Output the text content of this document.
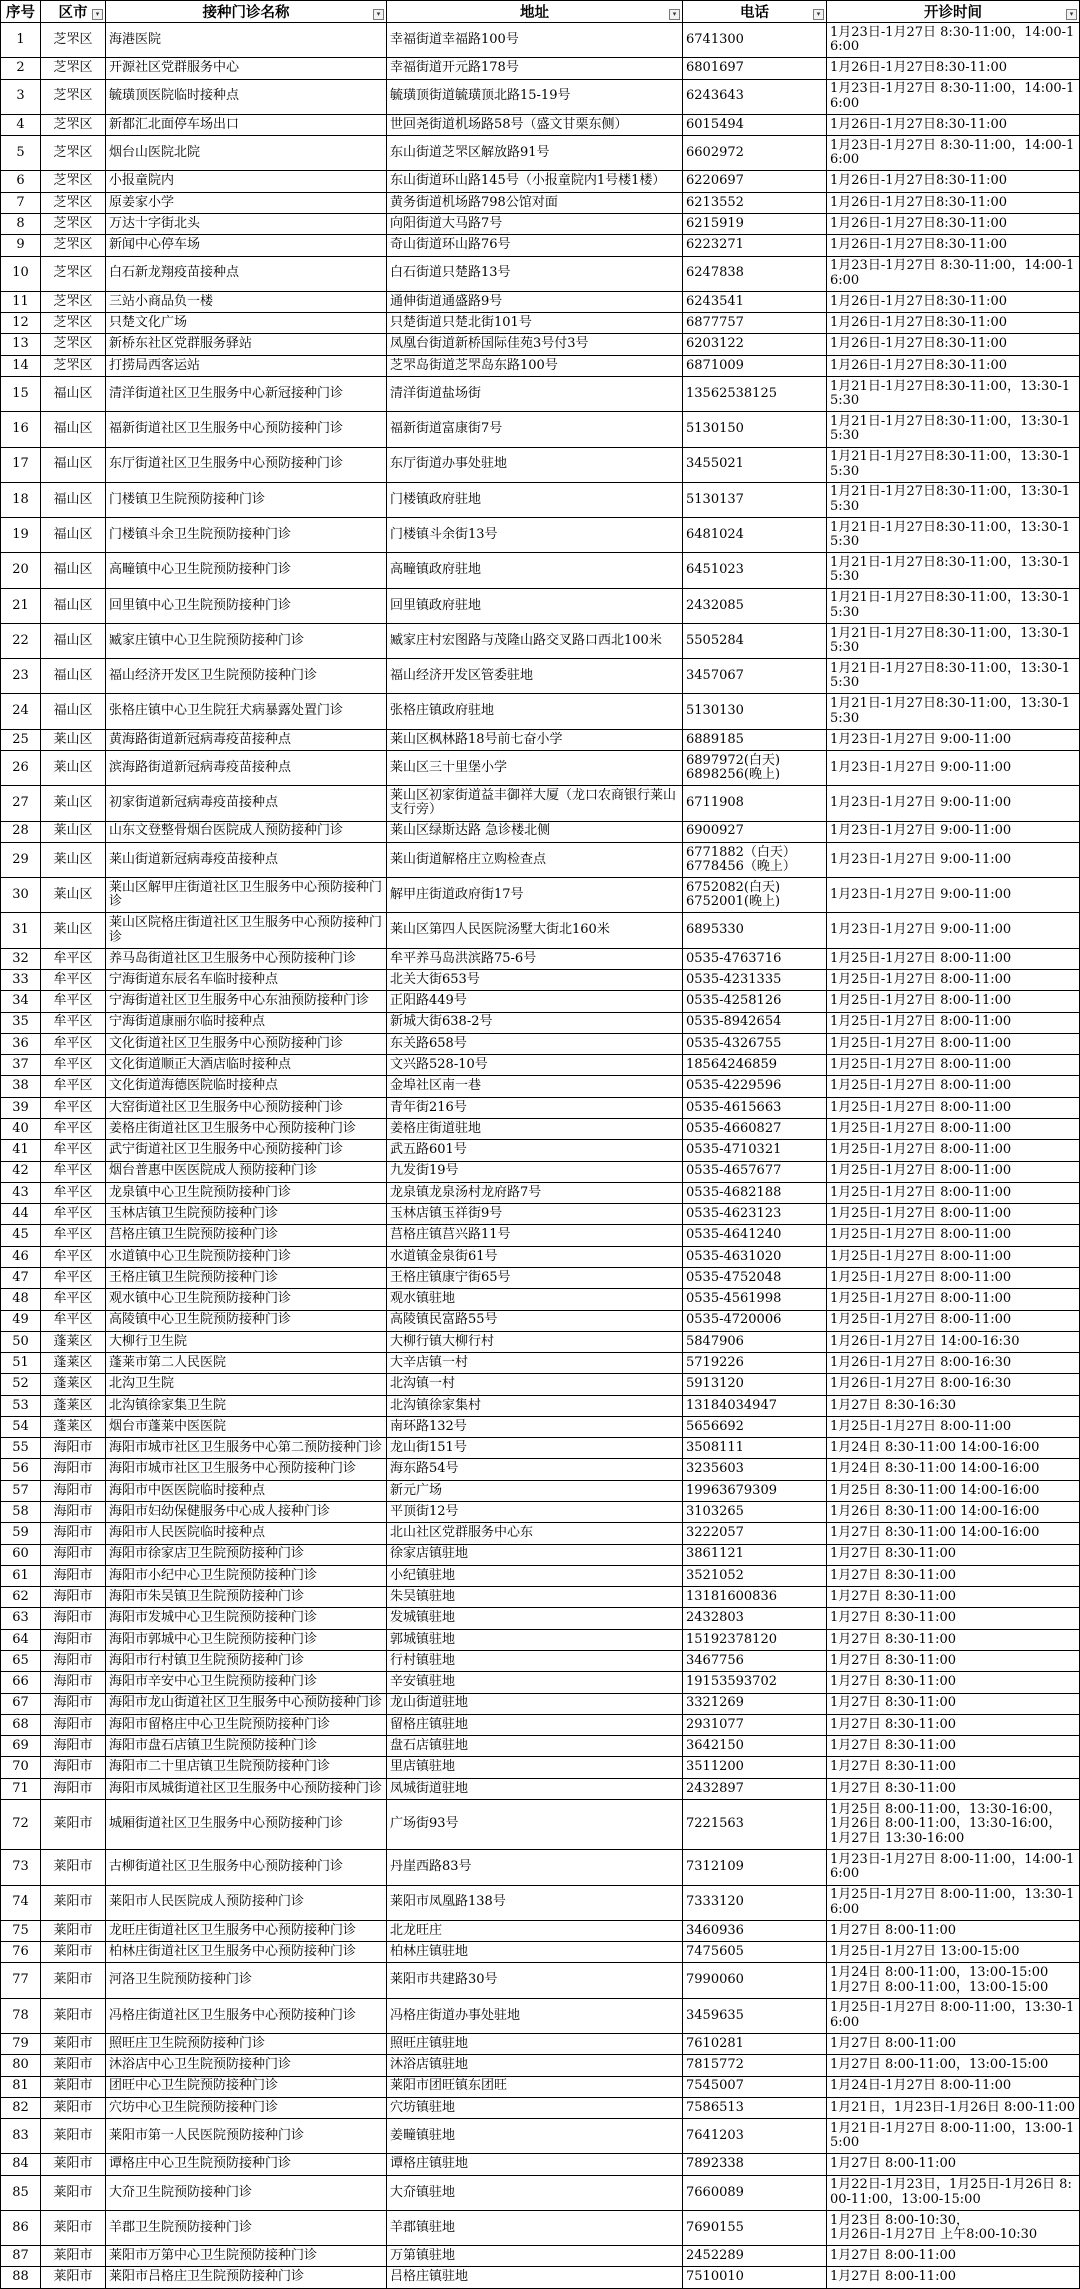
序号	区市 ▾	接种门诊名称 ▾	地址 ▾	电话 ▾	开诊时间 ▾

1	芝罘区	海港医院	幸福街道幸福路100号	6741300	1月23日-1月27日 8:30-11:00，14:00-16:00
2	芝罘区	开源社区党群服务中心	幸福街道开元路178号	6801697	1月26日-1月27日8:30-11:00
3	芝罘区	毓璜顶医院临时接种点	毓璜顶街道毓璜顶北路15-19号	6243643	1月23日-1月27日 8:30-11:00，14:00-16:00
4	芝罘区	新都汇北面停车场出口	世回尧街道机场路58号（盛文甘栗东侧）	6015494	1月26日-1月27日8:30-11:00
5	芝罘区	烟台山医院北院	东山街道芝罘区解放路91号	6602972	1月23日-1月27日 8:30-11:00，14:00-16:00
6	芝罘区	小报童院内	东山街道环山路145号（小报童院内1号楼1楼）	6220697	1月26日-1月27日8:30-11:00
7	芝罘区	原姜家小学	黄务街道机场路798公馆对面	6213552	1月26日-1月27日8:30-11:00
8	芝罘区	万达十字街北头	向阳街道大马路7号	6215919	1月26日-1月27日8:30-11:00
9	芝罘区	新闻中心停车场	奇山街道环山路76号	6223271	1月26日-1月27日8:30-11:00
10	芝罘区	白石新龙翔疫苗接种点	白石街道只楚路13号	6247838	1月23日-1月27日 8:30-11:00，14:00-16:00
11	芝罘区	三站小商品负一楼	通伸街道通盛路9号	6243541	1月26日-1月27日8:30-11:00
12	芝罘区	只楚文化广场	只楚街道只楚北街101号	6877757	1月26日-1月27日8:30-11:00
13	芝罘区	新桥东社区党群服务驿站	凤凰台街道新桥国际佳苑3号付3号	6203122	1月26日-1月27日8:30-11:00
14	芝罘区	打捞局西客运站	芝罘岛街道芝罘岛东路100号	6871009	1月26日-1月27日8:30-11:00
15	福山区	清洋街道社区卫生服务中心新冠接种门诊	清洋街道盐场街	13562538125	1月21日-1月27日8:30-11:00，13:30-15:30
16	福山区	福新街道社区卫生服务中心预防接种门诊	福新街道富康街7号	5130150	1月21日-1月27日8:30-11:00，13:30-15:30
17	福山区	东厅街道社区卫生服务中心预防接种门诊	东厅街道办事处驻地	3455021	1月21日-1月27日8:30-11:00，13:30-15:30
18	福山区	门楼镇卫生院预防接种门诊	门楼镇政府驻地	5130137	1月21日-1月27日8:30-11:00，13:30-15:30
19	福山区	门楼镇斗余卫生院预防接种门诊	门楼镇斗余街13号	6481024	1月21日-1月27日8:30-11:00，13:30-15:30
20	福山区	高疃镇中心卫生院预防接种门诊	高疃镇政府驻地	6451023	1月21日-1月27日8:30-11:00，13:30-15:30
21	福山区	回里镇中心卫生院预防接种门诊	回里镇政府驻地	2432085	1月21日-1月27日8:30-11:00，13:30-15:30
22	福山区	臧家庄镇中心卫生院预防接种门诊	臧家庄村宏图路与茂隆山路交叉路口西北100米	5505284	1月21日-1月27日8:30-11:00，13:30-15:30
23	福山区	福山经济开发区卫生院预防接种门诊	福山经济开发区管委驻地	3457067	1月21日-1月27日8:30-11:00，13:30-15:30
24	福山区	张格庄镇中心卫生院狂犬病暴露处置门诊	张格庄镇政府驻地	5130130	1月21日-1月27日8:30-11:00，13:30-15:30
25	莱山区	黄海路街道新冠病毒疫苗接种点	莱山区枫林路18号前七奋小学	6889185	1月23日-1月27日 9:00-11:00
26	莱山区	滨海路街道新冠病毒疫苗接种点	莱山区三十里堡小学	6897972(白天)
6898256(晚上)	1月23日-1月27日 9:00-11:00
27	莱山区	初家街道新冠病毒疫苗接种点	莱山区初家街道益丰御祥大厦（龙口农商银行莱山支行旁）	6711908	1月23日-1月27日 9:00-11:00
28	莱山区	山东文登整骨烟台医院成人预防接种门诊	莱山区绿斯达路 急诊楼北侧	6900927	1月23日-1月27日 9:00-11:00
29	莱山区	莱山街道新冠病毒疫苗接种点	莱山街道解格庄立购检查点	6771882（白天）
6778456（晚上）	1月23日-1月27日 9:00-11:00
30	莱山区	莱山区解甲庄街道社区卫生服务中心预防接种门诊	解甲庄街道政府街17号	6752082(白天)
6752001(晚上)	1月23日-1月27日 9:00-11:00
31	莱山区	莱山区院格庄街道社区卫生服务中心预防接种门诊	莱山区第四人民医院汤墅大街北160米	6895330	1月23日-1月27日 9:00-11:00
32	牟平区	养马岛街道社区卫生服务中心预防接种门诊	牟平养马岛洪滨路75-6号	0535-4763716	1月25日-1月27日 8:00-11:00
33	牟平区	宁海街道东辰名车临时接种点	北关大街653号	0535-4231335	1月25日-1月27日 8:00-11:00
34	牟平区	宁海街道社区卫生服务中心东油预防接种门诊	正阳路449号	0535-4258126	1月25日-1月27日 8:00-11:00
35	牟平区	宁海街道康丽尔临时接种点	新城大街638-2号	0535-8942654	1月25日-1月27日 8:00-11:00
36	牟平区	文化街道社区卫生服务中心预防接种门诊	东关路658号	0535-4326755	1月25日-1月27日 8:00-11:00
37	牟平区	文化街道顺正大酒店临时接种点	文兴路528-10号	18564246859	1月25日-1月27日 8:00-11:00
38	牟平区	文化街道海德医院临时接种点	金埠社区南一巷	0535-4229596	1月25日-1月27日 8:00-11:00
39	牟平区	大窑街道社区卫生服务中心预防接种门诊	青年街216号	0535-4615663	1月25日-1月27日 8:00-11:00
40	牟平区	姜格庄街道社区卫生服务中心预防接种门诊	姜格庄街道驻地	0535-4660827	1月25日-1月27日 8:00-11:00
41	牟平区	武宁街道社区卫生服务中心预防接种门诊	武五路601号	0535-4710321	1月25日-1月27日 8:00-11:00
42	牟平区	烟台普惠中医医院成人预防接种门诊	九发街19号	0535-4657677	1月25日-1月27日 8:00-11:00
43	牟平区	龙泉镇中心卫生院预防接种门诊	龙泉镇龙泉汤村龙府路7号	0535-4682188	1月25日-1月27日 8:00-11:00
44	牟平区	玉林店镇卫生院预防接种门诊	玉林店镇玉祥街9号	0535-4623123	1月25日-1月27日 8:00-11:00
45	牟平区	莒格庄镇卫生院预防接种门诊	莒格庄镇莒兴路11号	0535-4641240	1月25日-1月27日 8:00-11:00
46	牟平区	水道镇中心卫生院预防接种门诊	水道镇金泉街61号	0535-4631020	1月25日-1月27日 8:00-11:00
47	牟平区	王格庄镇卫生院预防接种门诊	王格庄镇康宁街65号	0535-4752048	1月25日-1月27日 8:00-11:00
48	牟平区	观水镇中心卫生院预防接种门诊	观水镇驻地	0535-4561998	1月25日-1月27日 8:00-11:00
49	牟平区	高陵镇中心卫生院预防接种门诊	高陵镇民富路55号	0535-4720006	1月25日-1月27日 8:00-11:00
50	蓬莱区	大柳行卫生院	大柳行镇大柳行村	5847906	1月26日-1月27日 14:00-16:30
51	蓬莱区	蓬莱市第二人民医院	大辛店镇一村	5719226	1月26日-1月27日 8:00-16:30
52	蓬莱区	北沟卫生院	北沟镇一村	5913120	1月26日-1月27日 8:00-16:30
53	蓬莱区	北沟镇徐家集卫生院	北沟镇徐家集村	13184034947	1月27日 8:30-16:30
54	蓬莱区	烟台市蓬莱中医医院	南环路132号	5656692	1月25日-1月27日 8:00-11:00
55	海阳市	海阳市城市社区卫生服务中心第二预防接种门诊	龙山街151号	3508111	1月24日 8:30-11:00 14:00-16:00
56	海阳市	海阳市城市社区卫生服务中心预防接种门诊	海东路54号	3235603	1月24日 8:30-11:00 14:00-16:00
57	海阳市	海阳市中医医院临时接种点	新元广场	19963679309	1月25日 8:30-11:00 14:00-16:00
58	海阳市	海阳市妇幼保健服务中心成人接种门诊	平顶街12号	3103265	1月26日 8:30-11:00 14:00-16:00
59	海阳市	海阳市人民医院临时接种点	北山社区党群服务中心东	3222057	1月27日 8:30-11:00 14:00-16:00
60	海阳市	海阳市徐家店卫生院预防接种门诊	徐家店镇驻地	3861121	1月27日 8:30-11:00
61	海阳市	海阳市小纪中心卫生院预防接种门诊	小纪镇驻地	3521052	1月27日 8:30-11:00
62	海阳市	海阳市朱吴镇卫生院预防接种门诊	朱吴镇驻地	13181600836	1月27日 8:30-11:00
63	海阳市	海阳市发城中心卫生院预防接种门诊	发城镇驻地	2432803	1月27日 8:30-11:00
64	海阳市	海阳市郭城中心卫生院预防接种门诊	郭城镇驻地	15192378120	1月27日 8:30-11:00
65	海阳市	海阳市行村镇卫生院预防接种门诊	行村镇驻地	3467756	1月27日 8:30-11:00
66	海阳市	海阳市辛安中心卫生院预防接种门诊	辛安镇驻地	19153593702	1月27日 8:30-11:00
67	海阳市	海阳市龙山街道社区卫生服务中心预防接种门诊	龙山街道驻地	3321269	1月27日 8:30-11:00
68	海阳市	海阳市留格庄中心卫生院预防接种门诊	留格庄镇驻地	2931077	1月27日 8:30-11:00
69	海阳市	海阳市盘石店镇卫生院预防接种门诊	盘石店镇驻地	3642150	1月27日 8:30-11:00
70	海阳市	海阳市二十里店镇卫生院预防接种门诊	里店镇驻地	3511200	1月27日 8:30-11:00
71	海阳市	海阳市凤城街道社区卫生服务中心预防接种门诊	凤城街道驻地	2432897	1月27日 8:30-11:00
72	莱阳市	城厢街道社区卫生服务中心预防接种门诊	广场街93号	7221563	1月25日 8:00-11:00，13:30-16:00，
1月26日 8:00-11:00，13:30-16:00，
1月27日 13:30-16:00
73	莱阳市	古柳街道社区卫生服务中心预防接种门诊	丹崖西路83号	7312109	1月23日-1月27日 8:00-11:00，14:00-16:00
74	莱阳市	莱阳市人民医院成人预防接种门诊	莱阳市凤凰路138号	7333120	1月25日-1月27日 8:00-11:00，13:30-16:00
75	莱阳市	龙旺庄街道社区卫生服务中心预防接种门诊	北龙旺庄	3460936	1月27日 8:00-11:00
76	莱阳市	柏林庄街道社区卫生服务中心预防接种门诊	柏林庄镇驻地	7475605	1月25日-1月27日 13:00-15:00
77	莱阳市	河洛卫生院预防接种门诊	莱阳市共建路30号	7990060	1月24日 8:00-11:00，13:00-15:00
1月27日 8:00-11:00，13:00-15:00
78	莱阳市	冯格庄街道社区卫生服务中心预防接种门诊	冯格庄街道办事处驻地	3459635	1月25日-1月27日 8:00-11:00，13:30-16:00
79	莱阳市	照旺庄卫生院预防接种门诊	照旺庄镇驻地	7610281	1月27日 8:00-11:00
80	莱阳市	沐浴店中心卫生院预防接种门诊	沐浴店镇驻地	7815772	1月27日 8:00-11:00，13:00-15:00
81	莱阳市	团旺中心卫生院预防接种门诊	莱阳市团旺镇东团旺	7545007	1月24日-1月27日 8:00-11:00
82	莱阳市	穴坊中心卫生院预防接种门诊	穴坊镇驻地	7586513	1月21日，1月23日-1月26日 8:00-11:00
83	莱阳市	莱阳市第一人民医院预防接种门诊	姜疃镇驻地	7641203	1月21日-1月27日 8:00-11:00，13:00-15:00
84	莱阳市	谭格庄中心卫生院预防接种门诊	谭格庄镇驻地	7892338	1月27日 8:00-11:00
85	莱阳市	大夼卫生院预防接种门诊	大夼镇驻地	7660089	1月22日-1月23日，1月25日-1月26日 8:00-11:00，13:00-15:00
86	莱阳市	羊郡卫生院预防接种门诊	羊郡镇驻地	7690155	1月23日 8:00-10:30，
1月26日-1月27日 上午8:00-10:30
87	莱阳市	莱阳市万第中心卫生院预防接种门诊	万第镇驻地	2452289	1月27日 8:00-11:00
88	莱阳市	莱阳市吕格庄卫生院预防接种门诊	吕格庄镇驻地	7510010	1月27日 8:00-11:00
